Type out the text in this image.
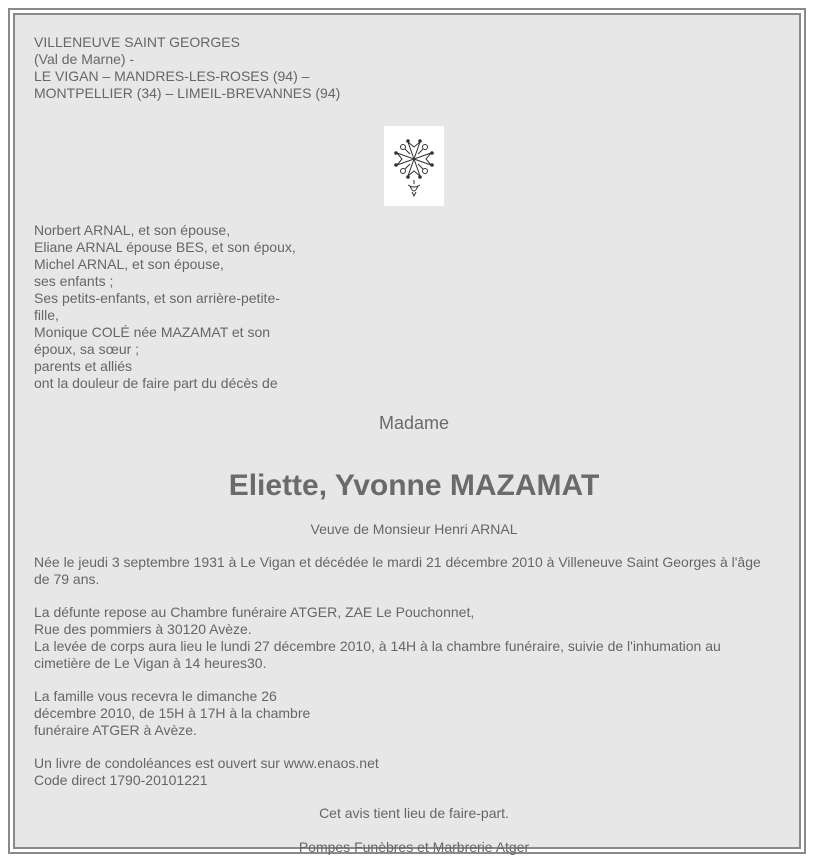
VILLENEUVE SAINT GEORGES
(Val de Marne) -
LE VIGAN – MANDRES-LES-ROSES (94) –
MONTPELLIER (34) – LIMEIL-BREVANNES (94)
Norbert ARNAL, et son épouse,
Eliane ARNAL épouse BES, et son époux,
Michel ARNAL, et son épouse,
ses enfants ;
Ses petits-enfants, et son arrière-petite-
fille,
Monique COLÉ née MAZAMAT et son
époux, sa sœur ;
parents et alliés
ont la douleur de faire part du décès de
Madame
Eliette, Yvonne MAZAMAT
Veuve de Monsieur Henri ARNAL
Née le jeudi 3 septembre 1931 à Le Vigan et décédée le mardi 21 décembre 2010 à Villeneuve Saint Georges à l'âge
de 79 ans.
La défunte repose au Chambre funéraire ATGER, ZAE Le Pouchonnet,
Rue des pommiers à 30120 Avèze.
La levée de corps aura lieu le lundi 27 décembre 2010, à 14H à la chambre funéraire, suivie de l'inhumation au
cimetière de Le Vigan à 14 heures30.
La famille vous recevra le dimanche 26
décembre 2010, de 15H à 17H à la chambre
funéraire ATGER à Avèze.
Un livre de condoléances est ouvert sur www.enaos.net
Code direct 1790-20101221
Cet avis tient lieu de faire-part.
Pompes Funèbres et Marbrerie Atger
